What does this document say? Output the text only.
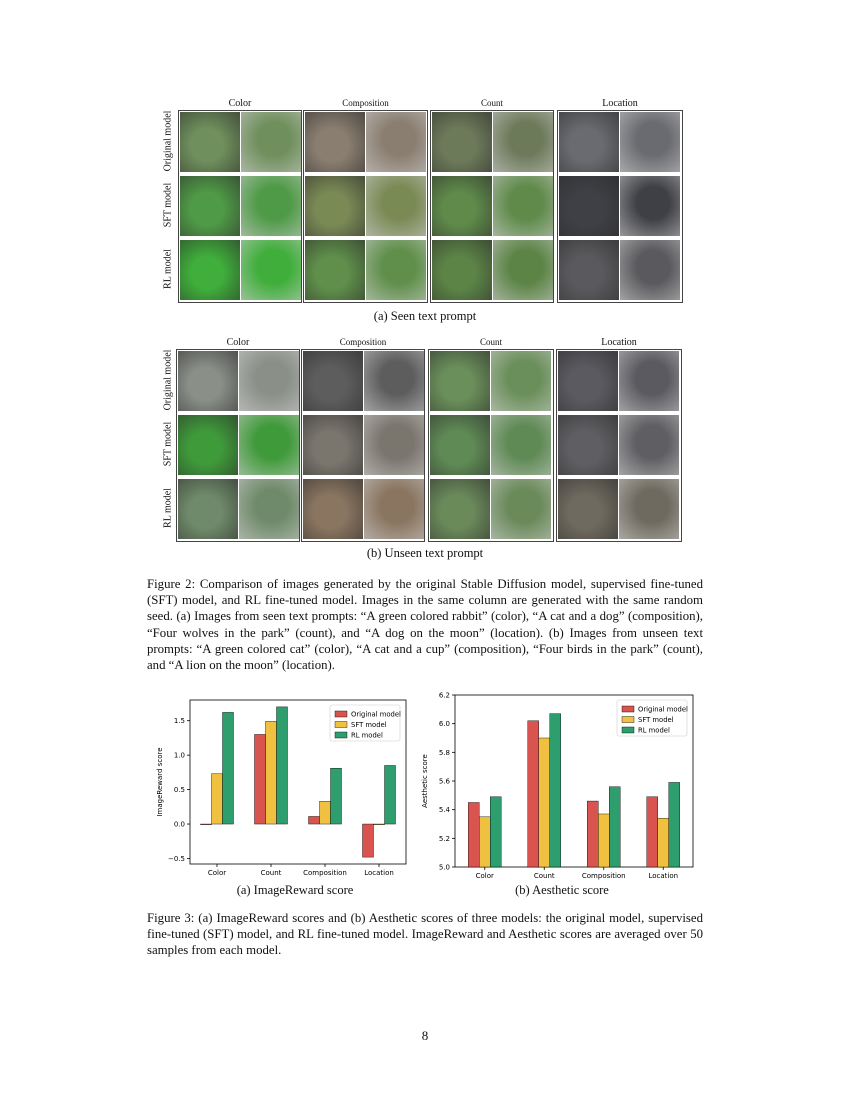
Color	Composition	Count	Location
Original model
SFT model
RL model
(a) Seen text prompt
Color	Composition	Count	Location
Original model
SFT model
RL model
(b) Unseen text prompt
Figure 2: Comparison of images generated by the original Stable Diffusion model, supervised fine-tuned (SFT) model, and RL fine-tuned model. Images in the same column are generated with the same random seed. (a) Images from seen text prompts: “A green colored rabbit” (color), “A cat and a dog” (composition), “Four wolves in the park” (count), and “A dog on the moon” (location). (b) Images from unseen text prompts: “A green colored cat” (color), “A cat and a cup” (composition), “Four birds in the park” (count), and “A lion on the moon” (location).
−0.5
0.0
0.5
1.0
1.5
ImageReward score
Color	Count	Composition Location
Original model
SFT model
RL model
5.0
5.2
5.4
5.6
5.8
6.0
6.2
Aesthetic score
Color	Count	Composition	Location
Original model
SFT model
RL model
(a) ImageReward score	(b) Aesthetic score
Figure 3: (a) ImageReward scores and (b) Aesthetic scores of three models: the original model, supervised fine-tuned (SFT) model, and RL fine-tuned model. ImageReward and Aesthetic scores are averaged over 50 samples from each model.
8
